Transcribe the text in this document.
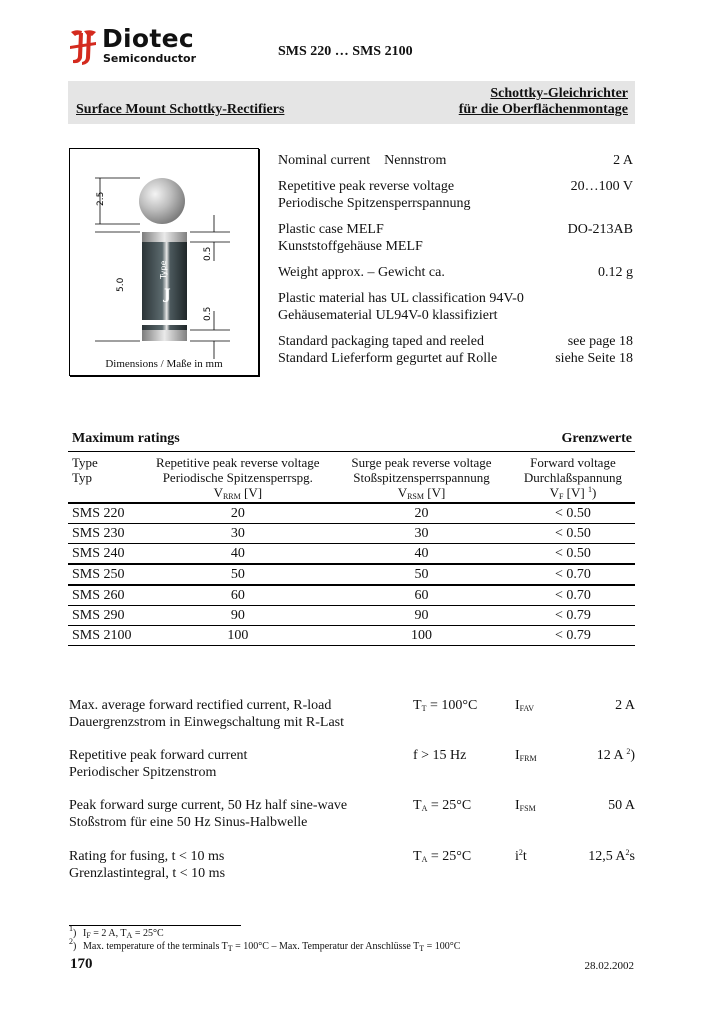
Diotec
Semiconductor	SMS 220 … SMS 2100
Surface Mount Schottky-Rectifiers
Schottky-Gleichrichter
für die Oberflächenmontage
Type
J
2.5
5.0
0.5
0.5
Dimensions / Maße in mm
Nominal current Nennstrom	2 A
Repetitive peak reverse voltage
Periodische Spitzensperrspannung
20…100 V
Plastic case MELF
Kunststoffgehäuse MELF
DO-213AB
Weight approx. – Gewicht ca.	0.12 g
Plastic material has UL classification 94V-0
Gehäusematerial UL94V-0 klassifiziert
Standard packaging taped and reeled
Standard Lieferform gegurtet auf Rolle
see page 18
siehe Seite 18
Maximum ratings	Grenzwerte
Type
Typ
Repetitive peak reverse voltage
Periodische Spitzensperrspg.
$V_{RRM}$ [V]
Surge peak reverse voltage
Stoßspitzensperrspannung
$V_{RSM}$ [V]
Forward voltage
Durchlaßspannung
$V_F$ [V] $^1$)
SMS 220	20	20	< 0.50
SMS 230	30	30	< 0.50
SMS 240	40	40	< 0.50
SMS 250	50	50	< 0.70
SMS 260	60	60	< 0.70
SMS 290	90	90	< 0.79
SMS 2100	100	100	< 0.79
Max. average forward rectified current, R-load
Dauergrenzstrom in Einwegschaltung mit R-Last
$T_T = 100^\circ C$	$I_{FAV}$	2 A
Repetitive peak forward current
Periodischer Spitzenstrom
f > 15 Hz	$I_{FRM}$	12 A $^2$)
Peak forward surge current, 50 Hz half sine-wave
Stoßstrom für eine 50 Hz Sinus-Halbwelle
$T_A = 25^\circ C$	$I_{FSM}$	50 A
Rating for fusing, t < 10 ms
Grenzlastintegral, t < 10 ms
$T_A = 25^\circ C$	$i^2t$	12,5 $A^2s$
$^1$) $I_F = 2$ A, $T_A = 25^\circ C$
$^2$) Max. temperature of the terminals $T_T = 100^\circ C$ – Max. Temperatur der Anschlüsse $T_T = 100^\circ C$
170	28.02.2002
